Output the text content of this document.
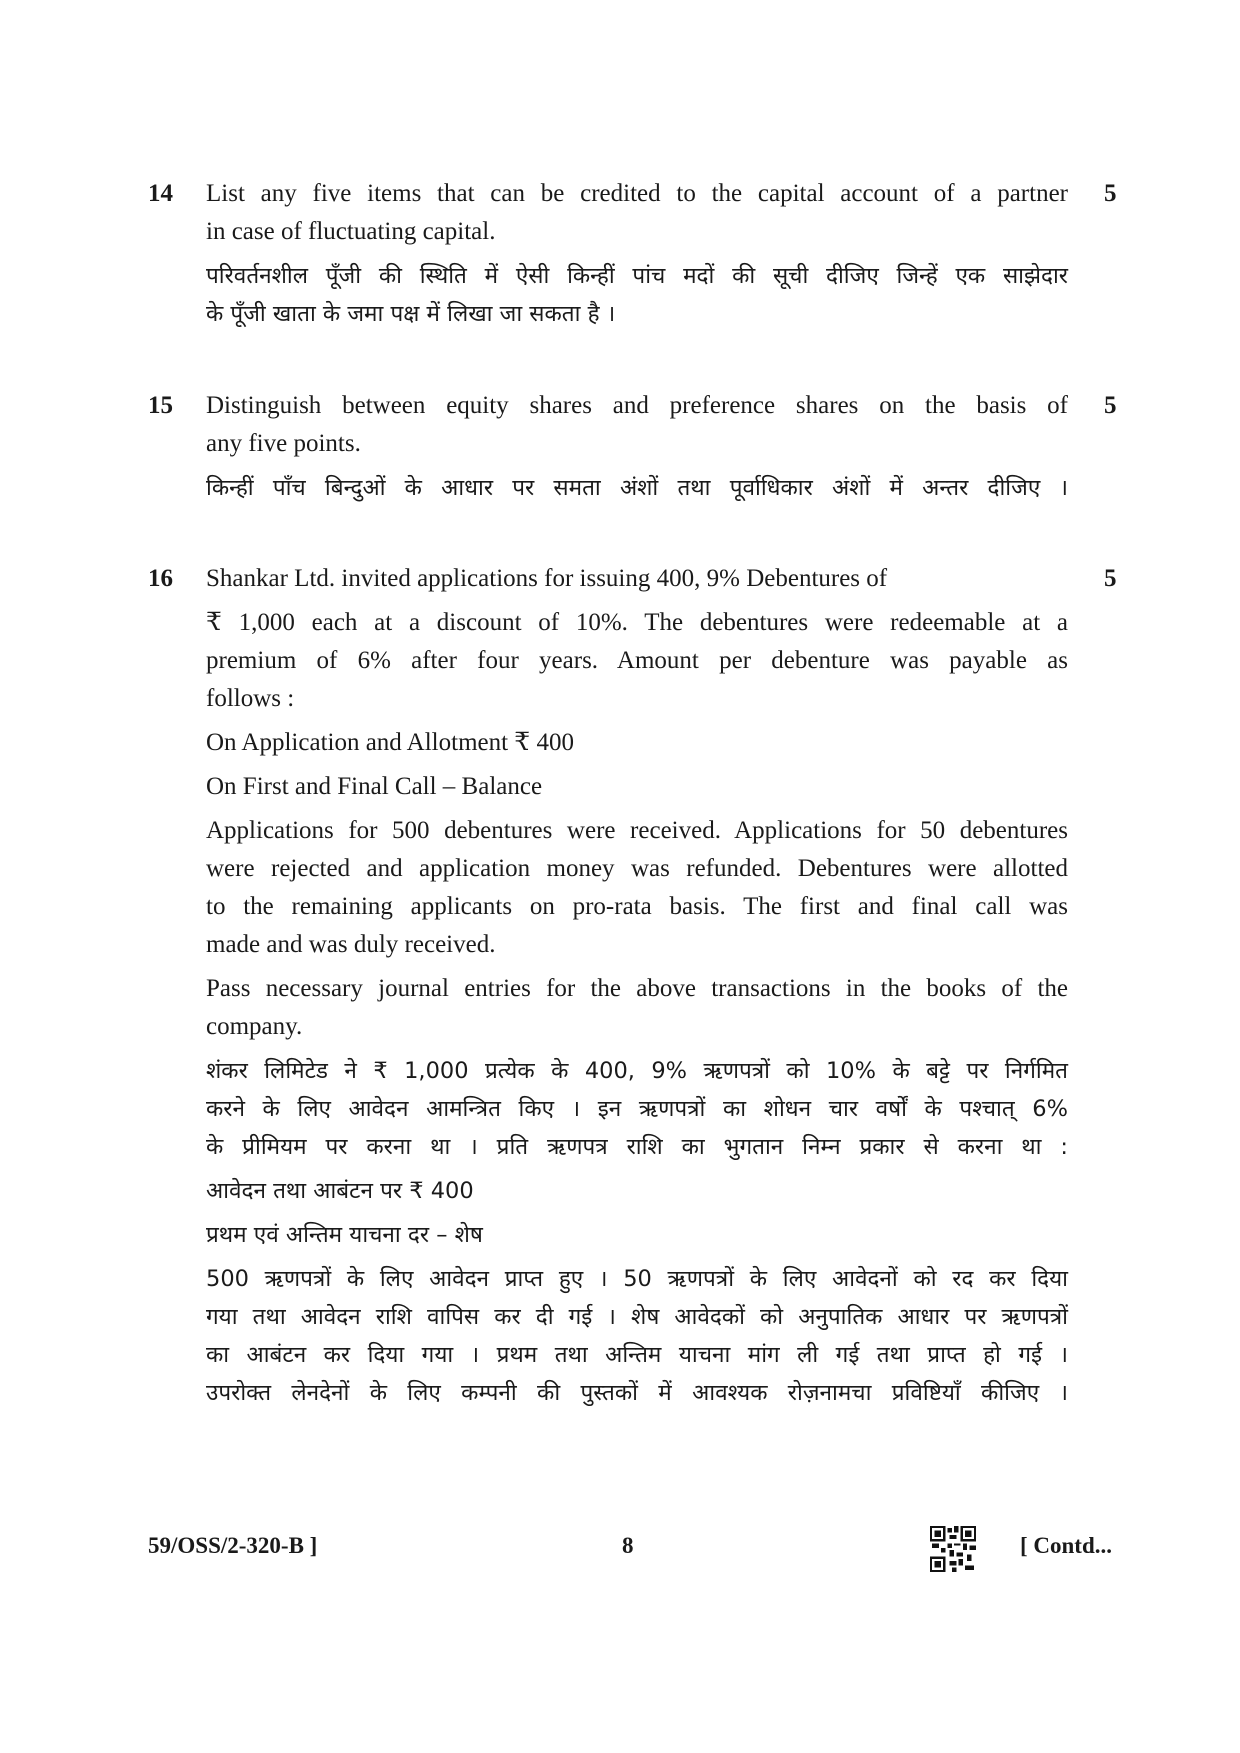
14	5
List any five items that can be credited to the capital account of a partner
in case of fluctuating capital.
परिवर्तनशील पूँजी की स्थिति में ऐसी किन्हीं पांच मदों की सूची दीजिए जिन्हें एक साझेदार
के पूँजी खाता के जमा पक्ष में लिखा जा सकता है ।
15	5
Distinguish between equity shares and preference shares on the basis of
any five points.
किन्हीं पाँच बिन्दुओं के आधार पर समता अंशों तथा पूर्वाधिकार अंशों में अन्तर दीजिए ।
16	5
Shankar Ltd. invited applications for issuing 400, 9% Debentures of
₹ 1,000 each at a discount of 10%. The debentures were redeemable at a
premium of 6% after four years. Amount per debenture was payable as
follows :
On Application and Allotment ₹ 400
On First and Final Call – Balance
Applications for 500 debentures were received. Applications for 50 debentures
were rejected and application money was refunded. Debentures were allotted
to the remaining applicants on pro-rata basis. The first and final call was
made and was duly received.
Pass necessary journal entries for the above transactions in the books of the
company.
शंकर लिमिटेड ने ₹ 1,000 प्रत्येक के 400, 9% ऋणपत्रों को 10% के बट्टे पर निर्गमित
करने के लिए आवेदन आमन्त्रित किए । इन ऋणपत्रों का शोधन चार वर्षों के पश्चात् 6%
के प्रीमियम पर करना था । प्रति ऋणपत्र राशि का भुगतान निम्न प्रकार से करना था :
आवेदन तथा आबंटन पर ₹ 400
प्रथम एवं अन्तिम याचना दर – शेष
500 ऋणपत्रों के लिए आवेदन प्राप्त हुए । 50 ऋणपत्रों के लिए आवेदनों को रद कर दिया
गया तथा आवेदन राशि वापिस कर दी गई । शेष आवेदकों को अनुपातिक आधार पर ऋणपत्रों
का आबंटन कर दिया गया । प्रथम तथा अन्तिम याचना मांग ली गई तथा प्राप्त हो गई ।
उपरोक्त लेनदेनों के लिए कम्पनी की पुस्तकों में आवश्यक रोज़नामचा प्रविष्टियाँ कीजिए ।
59/OSS/2-320-B ]	8	[ Contd...
